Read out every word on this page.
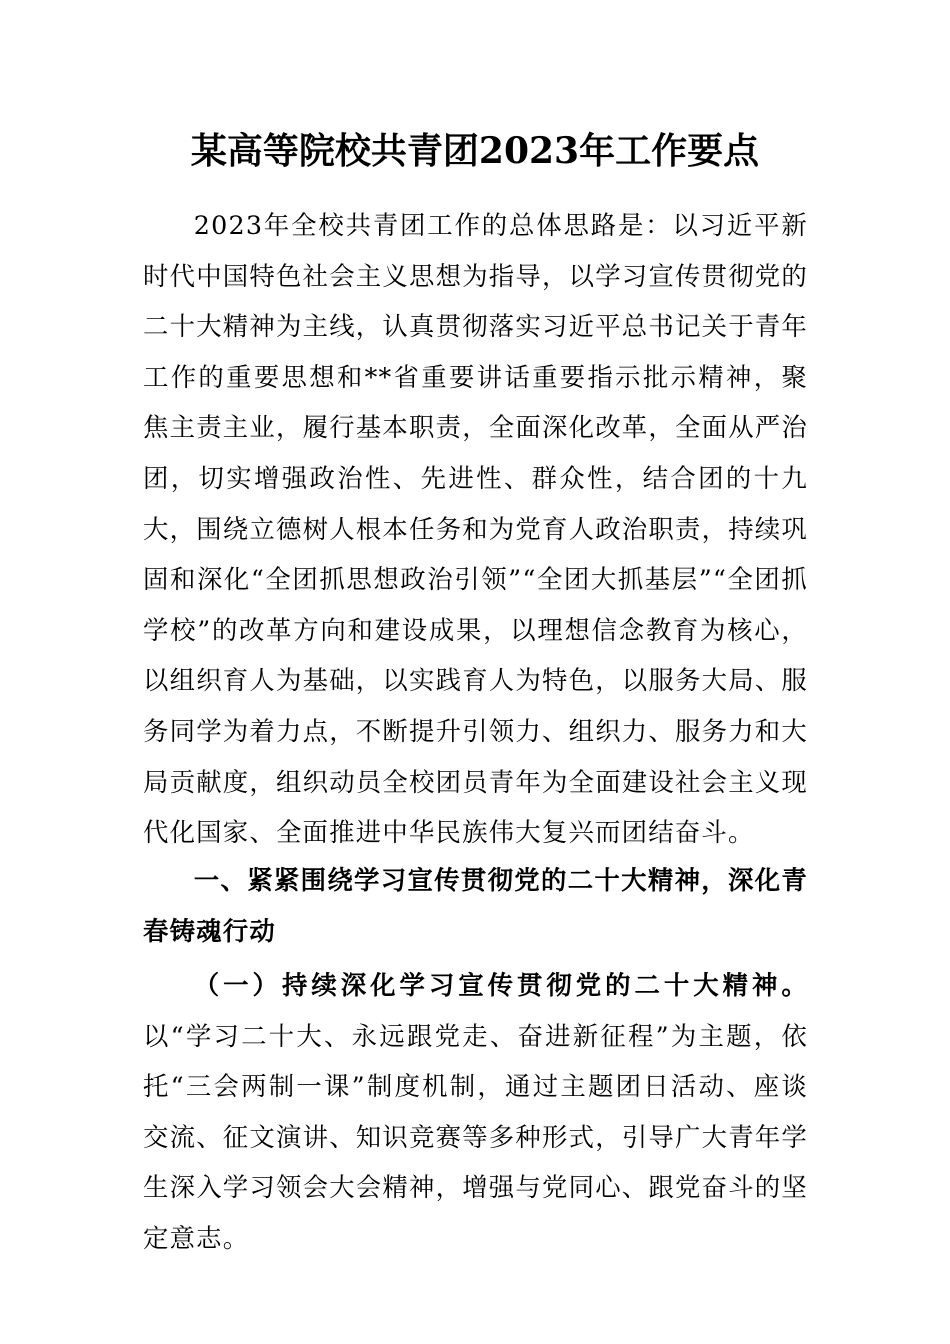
某高等院校共青团2023年工作要点

2023年全校共青团工作的总体思路是：以习近平新时代中国特色社会主义思想为指导，以学习宣传贯彻党的二十大精神为主线，认真贯彻落实习近平总书记关于青年工作的重要思想和**省重要讲话重要指示批示精神，聚焦主责主业，履行基本职责，全面深化改革，全面从严治团，切实增强政治性、先进性、群众性，结合团的十九大，围绕立德树人根本任务和为党育人政治职责，持续巩固和深化“全团抓思想政治引领”“全团大抓基层”“全团抓学校”的改革方向和建设成果，以理想信念教育为核心，以组织育人为基础，以实践育人为特色，以服务大局、服务同学为着力点，不断提升引领力、组织力、服务力和大局贡献度，组织动员全校团员青年为全面建设社会主义现代化国家、全面推进中华民族伟大复兴而团结奋斗。

一、紧紧围绕学习宣传贯彻党的二十大精神，深化青春铸魂行动

（一）持续深化学习宣传贯彻党的二十大精神。以“学习二十大、永远跟党走、奋进新征程”为主题，依托“三会两制一课”制度机制，通过主题团日活动、座谈交流、征文演讲、知识竞赛等多种形式，引导广大青年学生深入学习领会大会精神，增强与党同心、跟党奋斗的坚定意志。
